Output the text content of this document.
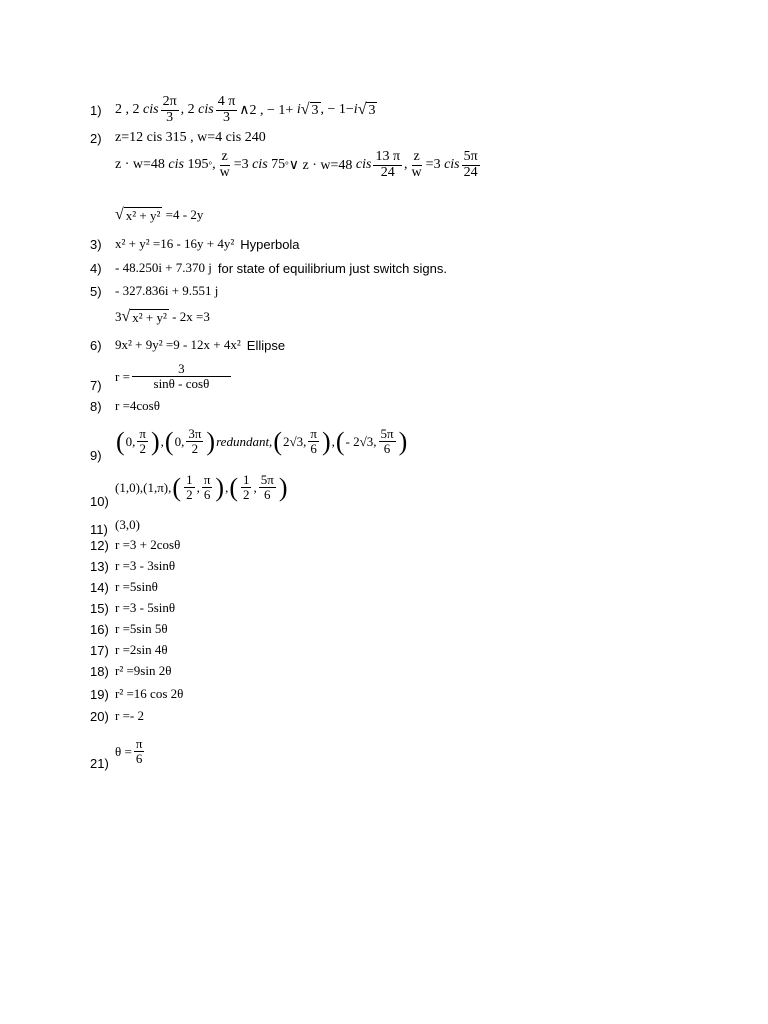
1) 2 , 2
cis $\frac{2\pi}{3}$ , 2
cis $\frac{4 \pi}{3}$ ∧2 , − 1+
i √ 3 , − 1− i √ 3
2) z=12 cis 315 , w=4 cis 240
z · w=48
cis
195 ° , $\frac{z}{w} =3$
cis
75 ° ∨ z · w=48
cis $\frac{13 \pi}{24}$ , $\frac{z}{w} =3$
cis $\frac{5\pi}{24}$
√ x² + y²
=4 - 2y
3)	x² + y² =16 - 16y + 4y² Hyperbola
4)	- 48.250i + 7.370 j for state of equilibrium just switch signs.
5)	- 327.836i + 9.551 j
3 √ x² + y²
- 2x =3
6)	9x² + 9y² =9 - 12x + 4x² Ellipse
7)
$r = \frac{3}{\sin\theta - \cos\theta}$
8)	r =4cosθ
9) ( 0, $\frac{\pi}{2}$ ) , ( 0, $\frac{3\pi}{2}$ ) redundant, ( 2√3, $\frac{\pi}{6}$ ) , ( - 2√3, $\frac{5\pi}{6}$ )
10)
(1,0),(1,π), ( $\frac{1}{2}$ , $\frac{\pi}{6}$ ) , ( $\frac{1}{2}$ , $\frac{5\pi}{6}$ )
11) (3,0)
12) r =3 + 2cosθ
13) r =3 - 3sinθ
14) r =5sinθ
15) r =3 - 5sinθ
16) r =5sin 5θ
17) r =2sin 4θ
18) r² =9sin 2θ
19) r² =16 cos 2θ
20) r =- 2
21)
$\theta = \frac{\pi}{6}$
